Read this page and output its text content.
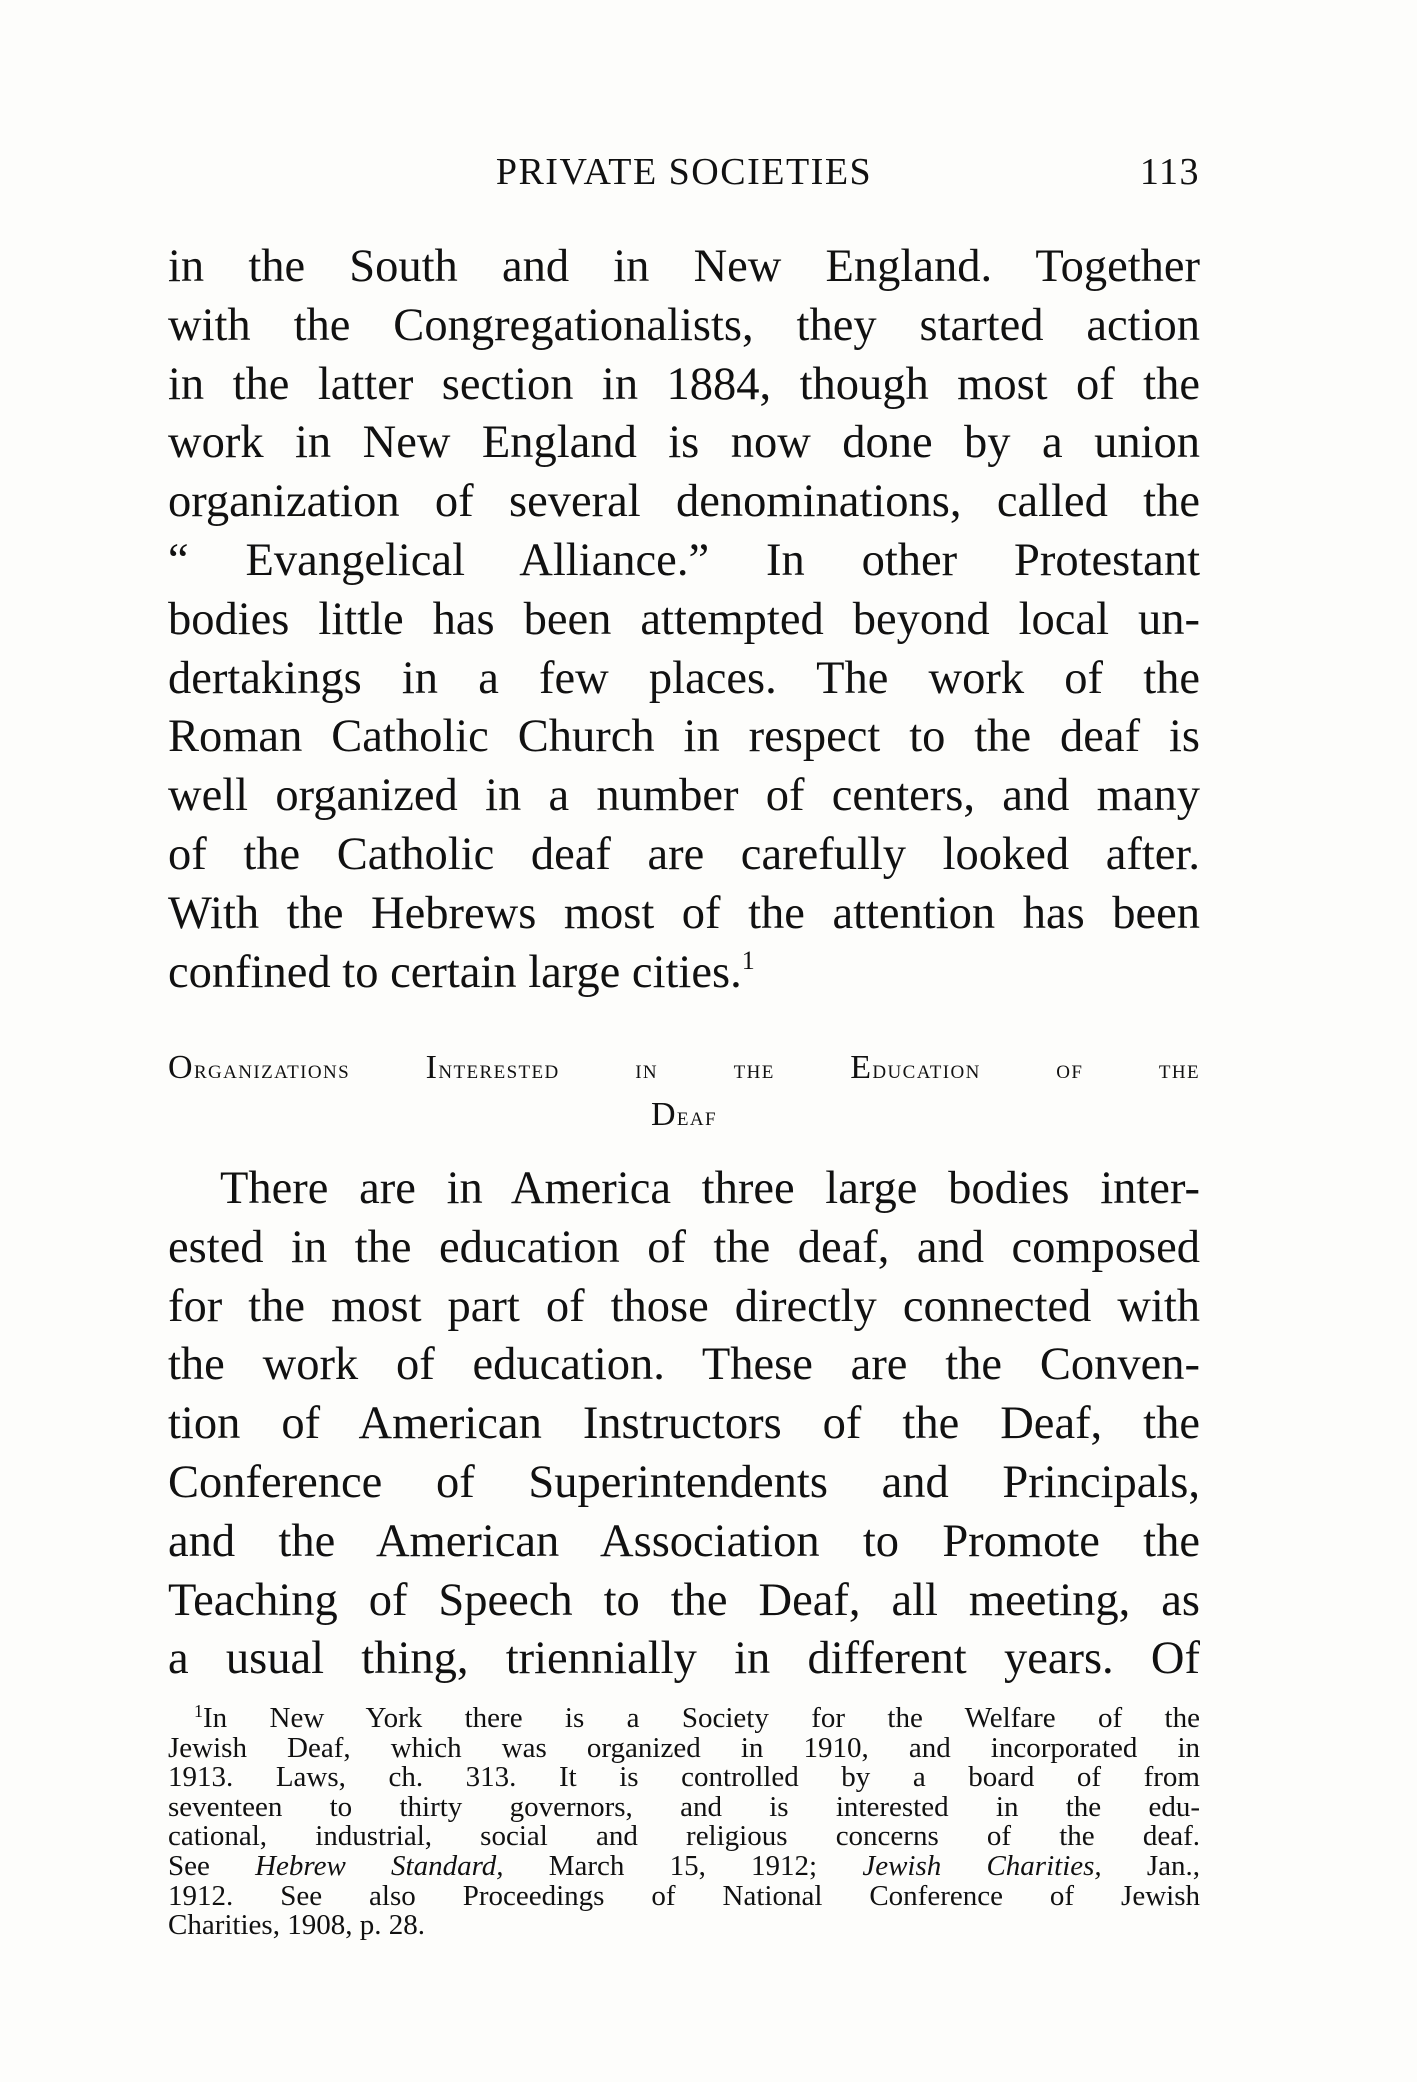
PRIVATE SOCIETIES	113
in the South and in New England. Together
with the Congregationalists, they started action
in the latter section in 1884, though most of the
work in New England is now done by a union
organization of several denominations, called the
“ Evangelical Alliance.” In other Protestant
bodies little has been attempted beyond local un-
dertakings in a few places. The work of the
Roman Catholic Church in respect to the deaf is
well organized in a number of centers, and many
of the Catholic deaf are carefully looked after.
With the Hebrews most of the attention has been
confined to certain large cities.$^1$
Organizations Interested	in	the Education	of	the
Deaf
There are in America three large bodies inter-
ested in the education of the deaf, and composed
for the most part of those directly connected with
the work of education. These are the Conven-
tion of American Instructors of the Deaf, the
Conference of Superintendents and Principals,
and the American Association to Promote the
Teaching of Speech to the Deaf, all meeting, as
a usual thing, triennially in different years. Of
$^1$In New York there is a Society for the Welfare of the
Jewish Deaf, which was organized in 1910, and incorporated in
1913. Laws, ch. 313. It is controlled by a board of from
seventeen to thirty governors, and is interested in the edu-
cational, industrial, social and religious concerns of the deaf.
See Hebrew Standard, March 15, 1912; Jewish Charities, Jan.,
1912. See also Proceedings of National Conference of Jewish
Charities, 1908, p. 28.
